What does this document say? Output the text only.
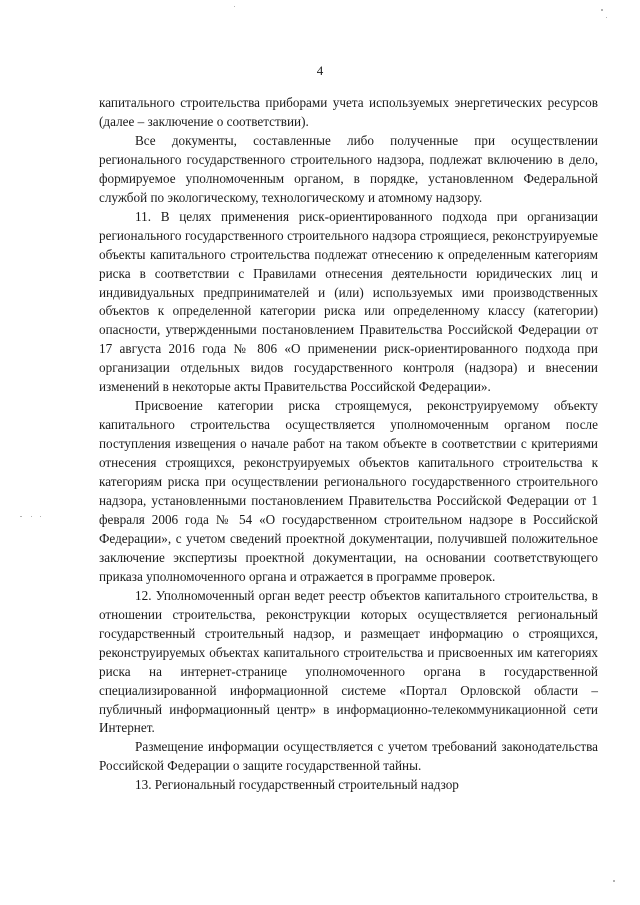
4

капитального строительства приборами учета используемых энергетических ресурсов (далее – заключение о соответствии).

Все документы, составленные либо полученные при осуществлении регионального государственного строительного надзора, подлежат включению в дело, формируемое уполномоченным органом, в порядке, установленном Федеральной службой по экологическому, технологическому и атомному надзору.

11. В целях применения риск-ориентированного подхода при организации регионального государственного строительного надзора строящиеся, реконструируемые объекты капитального строительства подлежат отнесению к определенным категориям риска в соответствии с Правилами отнесения деятельности юридических лиц и индивидуальных предпринимателей и (или) используемых ими производственных объектов к определенной категории риска или определенному классу (категории) опасности, утвержденными постановлением Правительства Российской Федерации от 17 августа 2016 года № 806 «О применении риск-ориентированного подхода при организации отдельных видов государственного контроля (надзора) и внесении изменений в некоторые акты Правительства Российской Федерации».

Присвоение категории риска строящемуся, реконструируемому объекту капитального строительства осуществляется уполномоченным органом после поступления извещения о начале работ на таком объекте в соответствии с критериями отнесения строящихся, реконструируемых объектов капитального строительства к категориям риска при осуществлении регионального государственного строительного надзора, установленными постановлением Правительства Российской Федерации от 1 февраля 2006 года № 54 «О государственном строительном надзоре в Российской Федерации», с учетом сведений проектной документации, получившей положительное заключение экспертизы проектной документации, на основании соответствующего приказа уполномоченного органа и отражается в программе проверок.

12. Уполномоченный орган ведет реестр объектов капитального строительства, в отношении строительства, реконструкции которых осуществляется региональный государственный строительный надзор, и размещает информацию о строящихся, реконструируемых объектах капитального строительства и присвоенных им категориях риска на интернет-странице уполномоченного органа в государственной специализированной информационной системе «Портал Орловской области – публичный информационный центр» в информационно-телекоммуникационной сети Интернет.

Размещение информации осуществляется с учетом требований законодательства Российской Федерации о защите государственной тайны.

13. Региональный государственный строительный надзор
